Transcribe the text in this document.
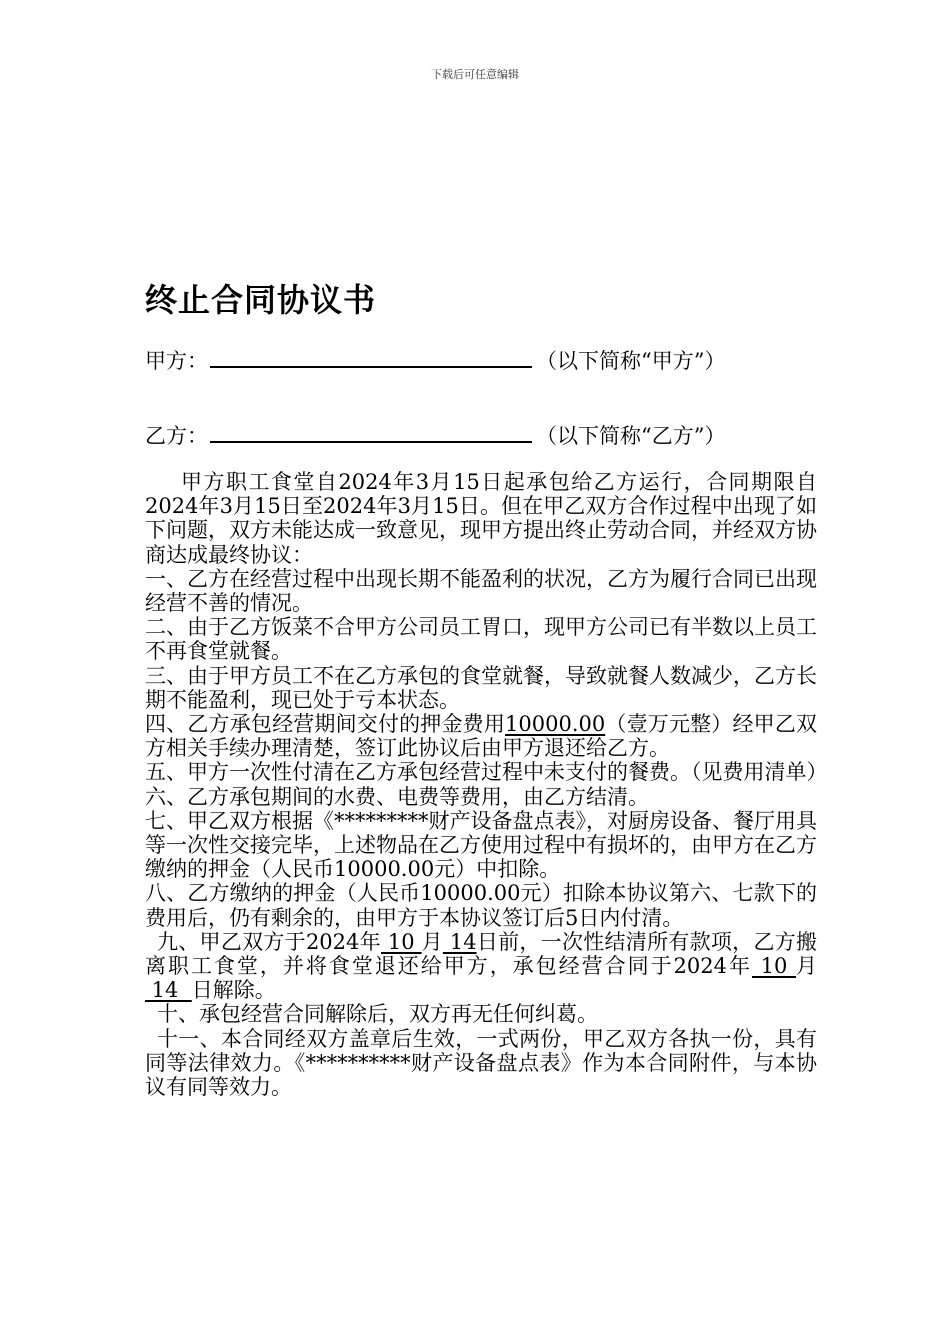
下载后可任意编辑
终止合同协议书
甲方：	（以下简称“甲方”）
乙方：	（以下简称“乙方”）

甲方职工食堂自2024年3月15日起承包给乙方运行，合同期限自2024年3月15日至2024年3月15日。但在甲乙双方合作过程中出现了如下问题，双方未能达成一致意见，现甲方提出终止劳动合同，并经双方协商达成最终协议：

一、乙方在经营过程中出现长期不能盈利的状况，乙方为履行合同已出现经营不善的情况。

二、由于乙方饭菜不合甲方公司员工胃口，现甲方公司已有半数以上员工不再食堂就餐。

三、由于甲方员工不在乙方承包的食堂就餐，导致就餐人数减少，乙方长期不能盈利，现已处于亏本状态。

四、乙方承包经营期间交付的押金费用10000.00（壹万元整）经甲乙双方相关手续办理清楚，签订此协议后由甲方退还给乙方。

五、甲方一次性付清在乙方承包经营过程中未支付的餐费。（见费用清单）

六、乙方承包期间的水费、电费等费用，由乙方结清。

七、甲乙双方根据《*********财产设备盘点表》，对厨房设备、餐厅用具等一次性交接完毕，上述物品在乙方使用过程中有损坏的，由甲方在乙方缴纳的押金（人民币10000.00元）中扣除。

八、乙方缴纳的押金（人民币10000.00元）扣除本协议第六、七款下的费用后，仍有剩余的，由甲方于本协议签订后5日内付清。

九、甲乙双方于2024年 10 月 14日前，一次性结清所有款项，乙方搬离职工食堂，并将食堂退还给甲方，承包经营合同于2024年 10 月 14  日解除。

十、承包经营合同解除后，双方再无任何纠葛。

十一、本合同经双方盖章后生效，一式两份，甲乙双方各执一份，具有同等法律效力。《**********财产设备盘点表》作为本合同附件，与本协议有同等效力。
